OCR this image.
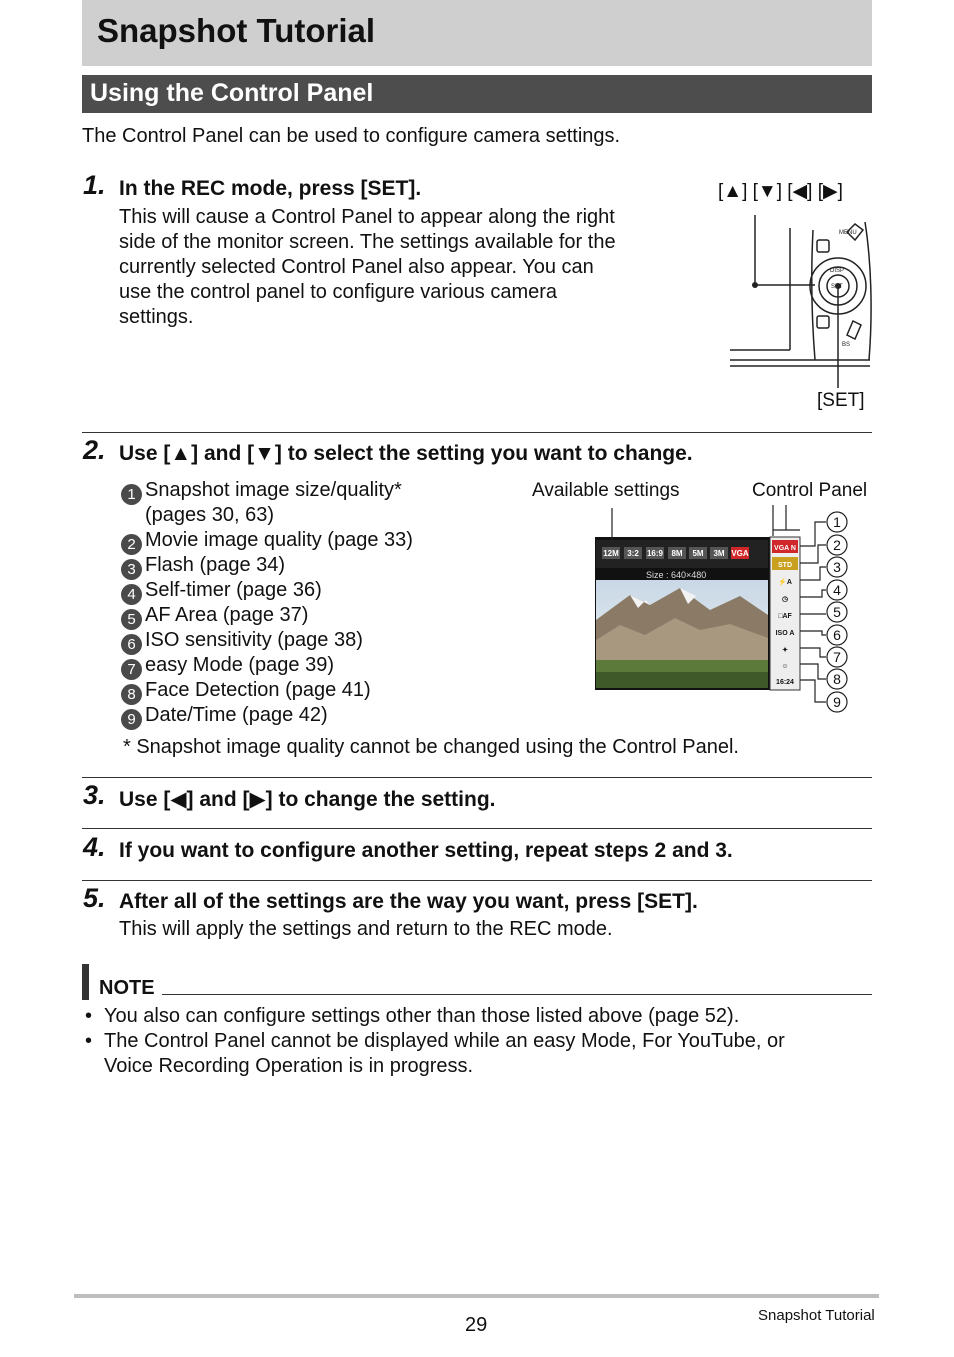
Snapshot Tutorial
Using the Control Panel
The Control Panel can be used to configure camera settings.
1. In the REC mode, press [SET].
This will cause a Control Panel to appear along the right
side of the monitor screen. The settings available for the
currently selected Control Panel also appear. You can
use the control panel to configure various camera
settings.
[▲] [▼] [◀] [▶]
MENU
DISP
SET
BS
[SET]
2. Use [▲] and [▼] to select the setting you want to change.
1 Snapshot image size/quality*
(pages 30, 63)
2 Movie image quality (page 33)
3 Flash (page 34)
4 Self-timer (page 36)
5 AF Area (page 37)
6 ISO sensitivity (page 38)
7 easy Mode (page 39)
8 Face Detection (page 41)
9 Date/Time (page 42)
Available settings	Control Panel
12M 3:2 16:9 8M 5M 3M VGA
Size : 640×480
VGA N
STD
⚡A
◷
□AF
ISO A
✦
☺
16:24
1
2
3
4
5
6
7
8
9
* Snapshot image quality cannot be changed using the Control Panel.
3. Use [◀] and [▶] to change the setting.
4. If you want to configure another setting, repeat steps 2 and 3.
5. After all of the settings are the way you want, press [SET].
This will apply the settings and return to the REC mode.
NOTE
• You also can configure settings other than those listed above (page 52).
• The Control Panel cannot be displayed while an easy Mode, For YouTube, or
Voice Recording Operation is in progress.
29	Snapshot Tutorial
